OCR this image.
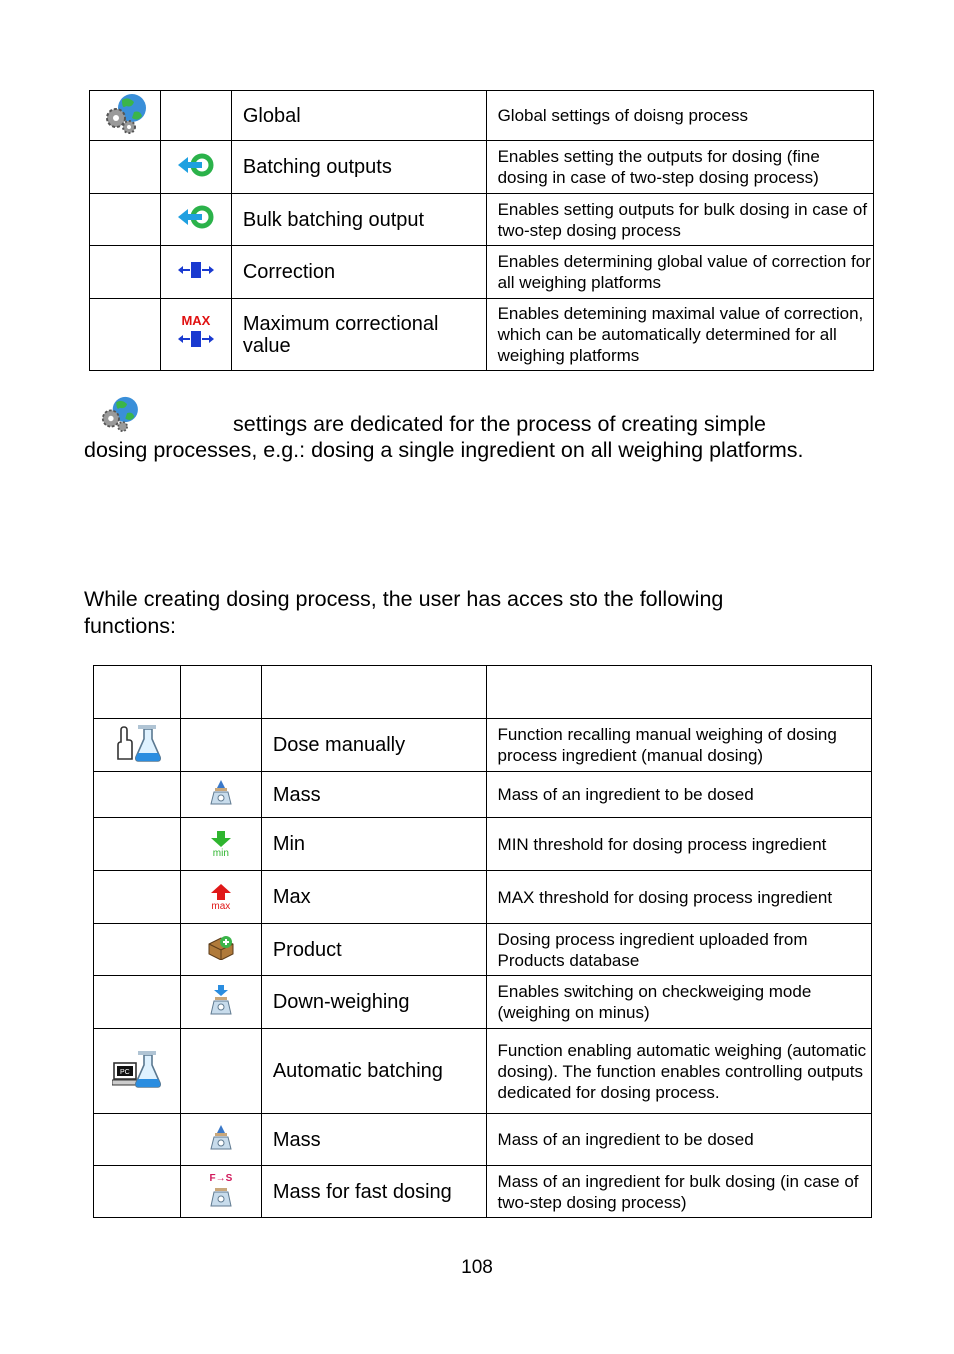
		Global	Global settings of doisng process
		Batching outputs	Enables setting the outputs for dosing (fine dosing in case of two-step dosing process)
		Bulk batching output	Enables setting outputs for bulk dosing in case of two-step dosing process
		Correction	Enables determining global value of correction for all weighing platforms

	MAX	Maximum correctional value	Enables detemining maximal value of correction, which can be automatically determined for all weighing platforms
settings are dedicated for the process of creating simple
dosing processes, e.g.: dosing a single ingredient on all weighing platforms.
While creating dosing process, the user has acces sto the following
functions:

		Dose manually	Function recalling manual weighing of dosing process ingredient (manual dosing)
		Mass	Mass of an ingredient to be dosed

	min	Min	MIN threshold for dosing process ingredient

	max	Max	MAX threshold for dosing process ingredient
		Product	Dosing process ingredient uploaded from Products database
		Down-weighing	Enables switching on checkweiging mode (weighing on minus)

PC		Automatic batching	Function enabling automatic weighing (automatic dosing). The function enables controlling outputs dedicated for dosing process.
		Mass	Mass of an ingredient to be dosed

	F→S	Mass for fast dosing	Mass of an ingredient for bulk dosing (in case of two-step dosing process)
108
